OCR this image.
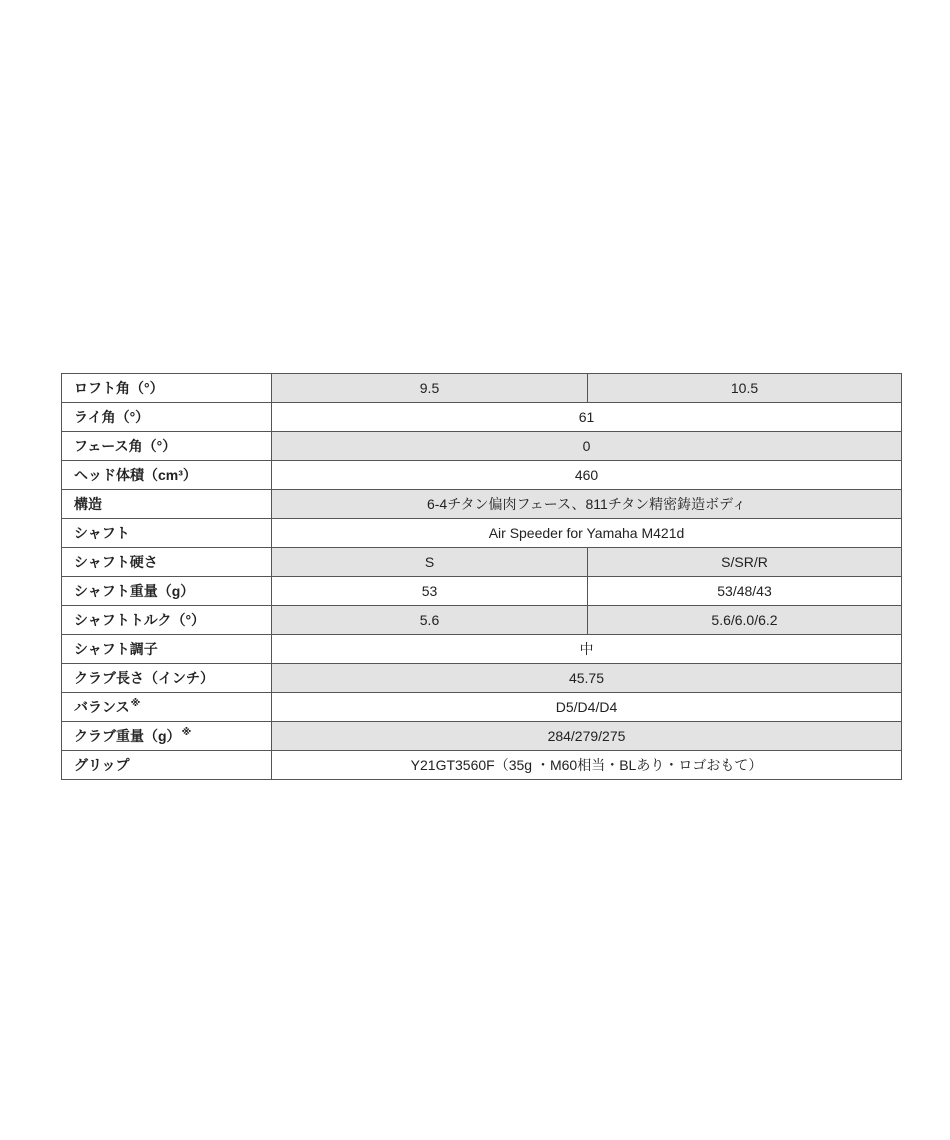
ロフト角（°）	9.5	10.5
ライ角（°）	61	
フェース角（°）	0	
ヘッド体積（cm³）	460	
構造	6-4チタン偏肉フェース、811チタン精密鋳造ボディ	
シャフト	Air Speeder for Yamaha M421d	
シャフト硬さ	S	S/SR/R
シャフト重量（g）	53	53/48/43
シャフトトルク（°）	5.6	5.6/6.0/6.2
シャフト調子	中	
クラブ長さ（インチ）	45.75	
バランス※	D5/D4/D4	
クラブ重量（g）※	284/279/275	
グリップ	Y21GT3560F（35g ・M60相当・BLあり・ロゴおもて）	
